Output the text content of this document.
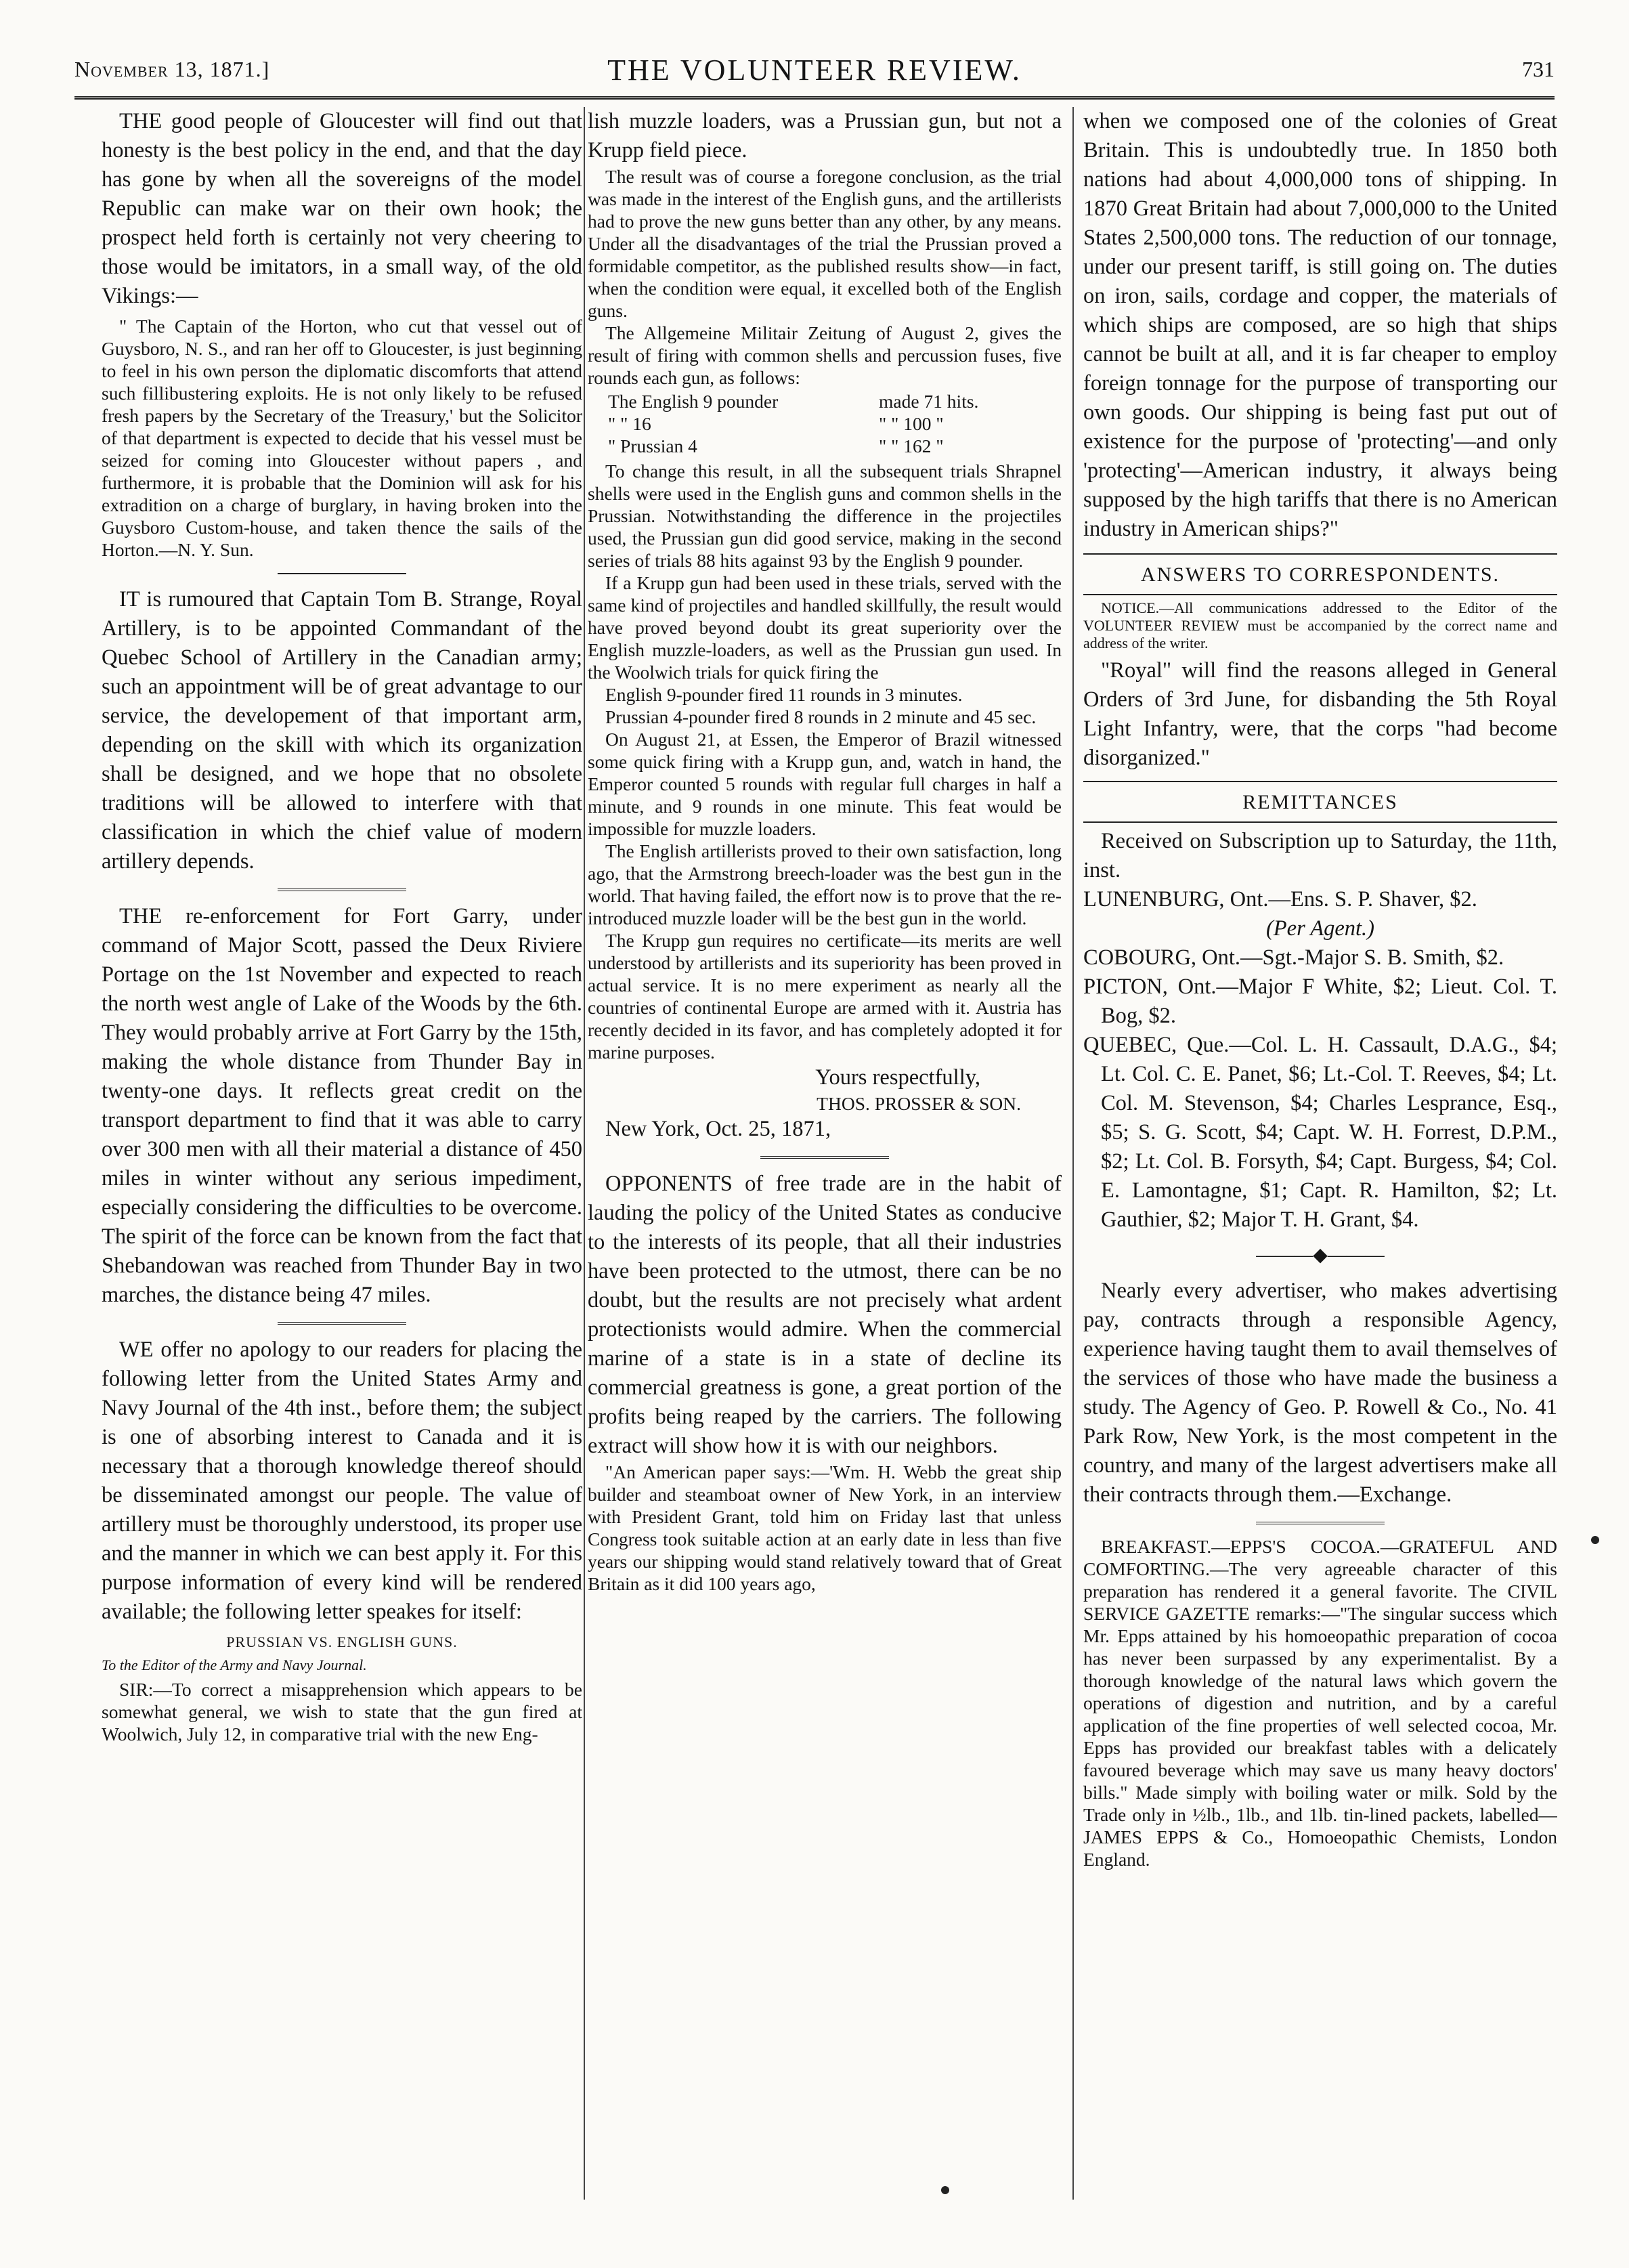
November 13, 1871.]	THE VOLUNTEER REVIEW.	731

THE good people of Gloucester will find out that honesty is the best policy in the end, and that the day has gone by when all the sovereigns of the model Republic can make war on their own hook; the prospect held forth is certainly not very cheering to those would be imitators, in a small way, of the old Vikings:—

" The Captain of the Horton, who cut that vessel out of Guysboro, N. S., and ran her off to Gloucester, is just beginning to feel in his own person the diplomatic discomforts that attend such fillibustering exploits. He is not only likely to be refused fresh papers by the Secretary of the Treasury,' but the Solicitor of that department is expected to decide that his vessel must be seized for coming into Gloucester without papers , and furthermore, it is probable that the Dominion will ask for his extradition on a charge of burglary, in having broken into the Guysboro Custom-house, and taken thence the sails of the Horton.—N. Y. Sun.

IT is rumoured that Captain Tom B. Strange, Royal Artillery, is to be appointed Commandant of the Quebec School of Artillery in the Canadian army; such an appointment will be of great advantage to our service, the developement of that important arm, depending on the skill with which its organization shall be designed, and we hope that no obsolete traditions will be allowed to interfere with that classification in which the chief value of modern artillery depends.

THE re-enforcement for Fort Garry, under command of Major Scott, passed the Deux Riviere Portage on the 1st November and expected to reach the north west angle of Lake of the Woods by the 6th. They would probably arrive at Fort Garry by the 15th, making the whole distance from Thunder Bay in twenty-one days. It reflects great credit on the transport department to find that it was able to carry over 300 men with all their material a distance of 450 miles in winter without any serious impediment, especially considering the difficulties to be overcome. The spirit of the force can be known from the fact that Shebandowan was reached from Thunder Bay in two marches, the distance being 47 miles.

WE offer no apology to our readers for placing the following letter from the United States Army and Navy Journal of the 4th inst., before them; the subject is one of absorbing interest to Canada and it is necessary that a thorough knowledge thereof should be disseminated amongst our people. The value of artillery must be thoroughly understood, its proper use and the manner in which we can best apply it. For this purpose information of every kind will be rendered available; the following letter speakes for itself:

PRUSSIAN VS. ENGLISH GUNS.

To the Editor of the Army and Navy Journal.

SIR:—To correct a misapprehension which appears to be somewhat general, we wish to state that the gun fired at Woolwich, July 12, in comparative trial with the new Eng-

lish muzzle loaders, was a Prussian gun, but not a Krupp field piece.

The result was of course a foregone conclusion, as the trial was made in the interest of the English guns, and the artillerists had to prove the new guns better than any other, by any means. Under all the disadvantages of the trial the Prussian proved a formidable competitor, as the published results show—in fact, when the condition were equal, it excelled both of the English guns.

The Allgemeine Militair Zeitung of August 2, gives the result of firing with common shells and percussion fuses, five rounds each gun, as follows:

The English 9 pounder	made 71 hits.
" " 16	" " 100 "
" Prussian 4	" " 162 "

To change this result, in all the subsequent trials Shrapnel shells were used in the English guns and common shells in the Prussian. Notwithstanding the difference in the projectiles used, the Prussian gun did good service, making in the second series of trials 88 hits against 93 by the English 9 pounder.

If a Krupp gun had been used in these trials, served with the same kind of projectiles and handled skillfully, the result would have proved beyond doubt its great superiority over the English muzzle-loaders, as well as the Prussian gun used. In the Woolwich trials for quick firing the

English 9-pounder fired 11 rounds in 3 minutes.

Prussian 4-pounder fired 8 rounds in 2 minute and 45 sec.

On August 21, at Essen, the Emperor of Brazil witnessed some quick firing with a Krupp gun, and, watch in hand, the Emperor counted 5 rounds with regular full charges in half a minute, and 9 rounds in one minute. This feat would be impossible for muzzle loaders.

The English artillerists proved to their own satisfaction, long ago, that the Armstrong breech-loader was the best gun in the world. That having failed, the effort now is to prove that the re-introduced muzzle loader will be the best gun in the world.

The Krupp gun requires no certificate—its merits are well understood by artillerists and its superiority has been proved in actual service. It is no mere experiment as nearly all the countries of continental Europe are armed with it. Austria has recently decided in its favor, and has completely adopted it for marine purposes.

Yours respectfully,

THOS. PROSSER & SON.

New York, Oct. 25, 1871,

OPPONENTS of free trade are in the habit of lauding the policy of the United States as conducive to the interests of its people, that all their industries have been protected to the utmost, there can be no doubt, but the results are not precisely what ardent protectionists would admire. When the commercial marine of a state is in a state of decline its commercial greatness is gone, a great portion of the profits being reaped by the carriers. The following extract will show how it is with our neighbors.

"An American paper says:—'Wm. H. Webb the great ship builder and steamboat owner of New York, in an interview with President Grant, told him on Friday last that unless Congress took suitable action at an early date in less than five years our shipping would stand relatively toward that of Great Britain as it did 100 years ago,

when we composed one of the colonies of Great Britain. This is undoubtedly true. In 1850 both nations had about 4,000,000 tons of shipping. In 1870 Great Britain had about 7,000,000 to the United States 2,500,000 tons. The reduction of our tonnage, under our present tariff, is still going on. The duties on iron, sails, cordage and copper, the materials of which ships are composed, are so high that ships cannot be built at all, and it is far cheaper to employ foreign tonnage for the purpose of transporting our own goods. Our shipping is being fast put out of existence for the purpose of 'protecting'—and only 'protecting'—American industry, it always being supposed by the high tariffs that there is no American industry in American ships?"

ANSWERS TO CORRESPONDENTS.

NOTICE.—All communications addressed to the Editor of the VOLUNTEER REVIEW must be accompanied by the correct name and address of the writer.

"Royal" will find the reasons alleged in General Orders of 3rd June, for disbanding the 5th Royal Light Infantry, were, that the corps "had become disorganized."

REMITTANCES

Received on Subscription up to Saturday, the 11th, inst.

LUNENBURG, Ont.—Ens. S. P. Shaver, $2.

(Per Agent.)

COBOURG, Ont.—Sgt.-Major S. B. Smith, $2.

PICTON, Ont.—Major F White, $2; Lieut. Col. T. Bog, $2.

QUEBEC, Que.—Col. L. H. Cassault, D.A.G., $4; Lt. Col. C. E. Panet, $6; Lt.-Col. T. Reeves, $4; Lt. Col. M. Stevenson, $4; Charles Lesprance, Esq., $5; S. G. Scott, $4; Capt. W. H. Forrest, D.P.M., $2; Lt. Col. B. Forsyth, $4; Capt. Burgess, $4; Col. E. Lamontagne, $1; Capt. R. Hamilton, $2; Lt. Gauthier, $2; Major T. H. Grant, $4.

———◆———

Nearly every advertiser, who makes advertising pay, contracts through a responsible Agency, experience having taught them to avail themselves of the services of those who have made the business a study. The Agency of Geo. P. Rowell & Co., No. 41 Park Row, New York, is the most competent in the country, and many of the largest advertisers make all their contracts through them.—Exchange.

BREAKFAST.—EPPS'S COCOA.—GRATEFUL AND COMFORTING.—The very agreeable character of this preparation has rendered it a general favorite. The CIVIL SERVICE GAZETTE remarks:—"The singular success which Mr. Epps attained by his homoeopathic preparation of cocoa has never been surpassed by any experimentalist. By a thorough knowledge of the natural laws which govern the operations of digestion and nutrition, and by a careful application of the fine properties of well selected cocoa, Mr. Epps has provided our breakfast tables with a delicately favoured beverage which may save us many heavy doctors' bills." Made simply with boiling water or milk. Sold by the Trade only in ½lb., 1lb., and 1lb. tin-lined packets, labelled—JAMES EPPS & Co., Homoeopathic Chemists, London England.
